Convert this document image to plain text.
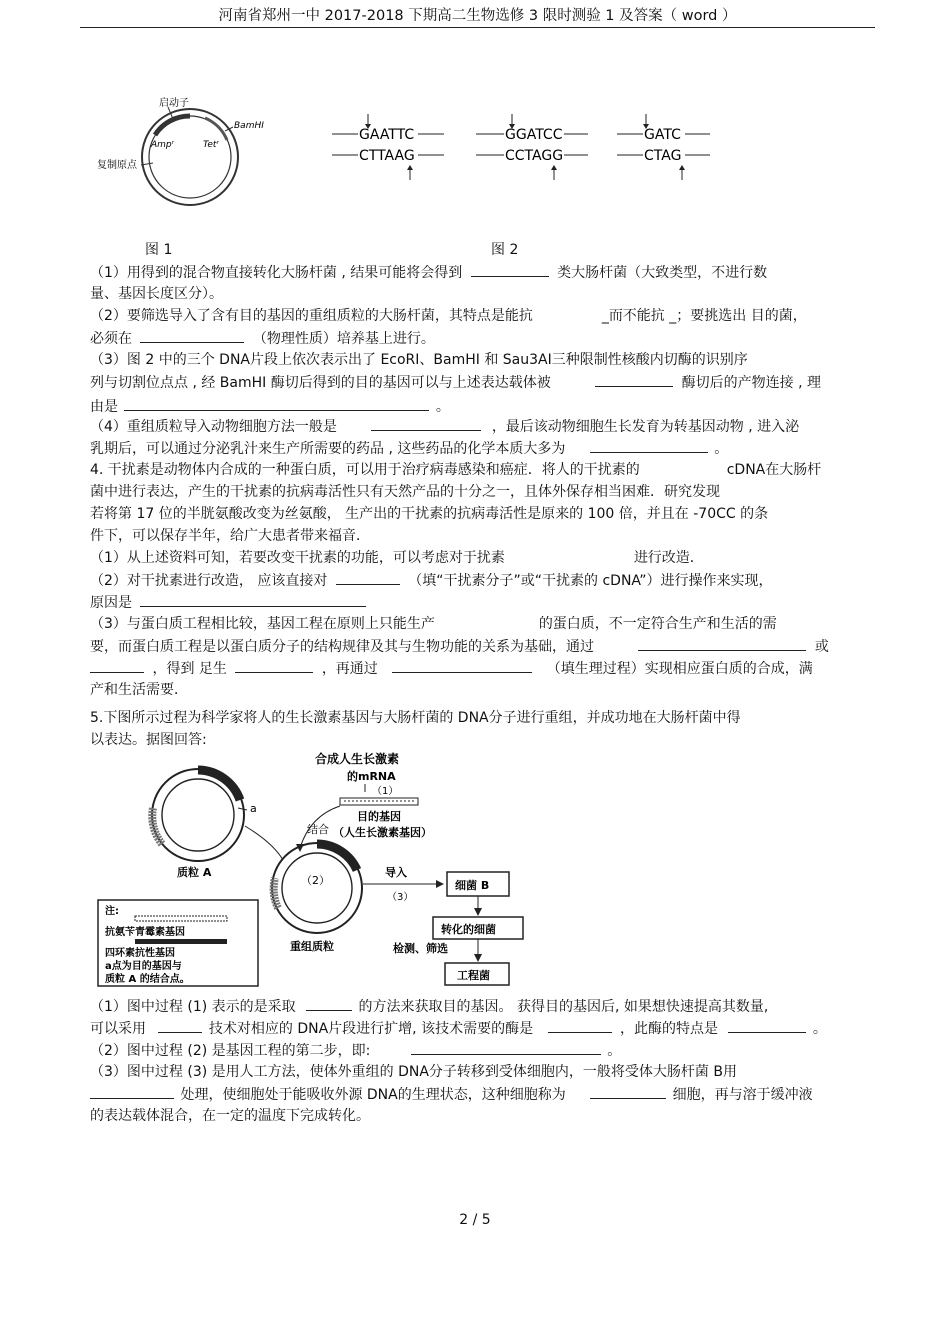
河南省郑州一中 2017-2018 下期高二生物选修 3 限时测验 1 及答案（ word ）
启动子
BamHI
Ampʳ	Tetʳ
复制原点
GAATTC
CTTAAG
GGATCC
CCTAGG
GATC
CTAG
图 1	图 2
（1）用得到的混合物直接转化大肠杆菌 , 结果可能将会得到	类大肠杆菌（大致类型，不进行数
量、基因长度区分）。
（2）要筛选导入了含有目的基因的重组质粒的大肠杆菌，其特点是能抗	_而不能抗 _；要挑选出 目的菌，
必须在	（物理性质）培养基上进行。
（3）图 2 中的三个 DNA片段上依次表示出了 EcoRⅠ、BamHⅠ 和 Sau3AⅠ三种限制性核酸内切酶的识别序
列与切割位点点 , 经 BamHⅠ 酶切后得到的目的基因可以与上述表达载体被	酶切后的产物连接 , 理
由是	。
（4）重组质粒导入动物细胞方法一般是	，最后该动物细胞生长发育为转基因动物 , 进入泌
乳期后，可以通过分泌乳汁来生产所需要的药品 , 这些药品的化学本质大多为	。
4. 干扰素是动物体内合成的一种蛋白质，可以用于治疗病毒感染和癌症．将人的干扰素的	cDNA在大肠杆
菌中进行表达，产生的干扰素的抗病毒活性只有天然产品的十分之一，且体外保存相当困难．研究发现
若将第 17 位的半胱氨酸改变为丝氨酸， 生产出的干扰素的抗病毒活性是原来的 100 倍，并且在 -70CC 的条
件下，可以保存半年，给广大患者带来福音．
（1）从上述资料可知，若要改变干扰素的功能，可以考虑对于扰素	进行改造．
（2）对干扰素进行改造， 应该直接对	（填“干扰素分子”或“干扰素的 cDNA”）进行操作来实现，
原因是
（3）与蛋白质工程相比较，基因工程在原则上只能生产	的蛋白质，不一定符合生产和生活的需
要，而蛋白质工程是以蛋白质分子的结构规律及其与生物功能的关系为基础，通过	或
，得到 足生	，再通过	（填生理过程）实现相应蛋白质的合成，满
产和生活需要．
5.下图所示过程为科学家将人的生长激素基因与大肠杆菌的 DNA分子进行重组，并成功地在大肠杆菌中得
以表达。据图回答:
合成人生长激素
的mRNA
（1）
目的基因
（人生长激素基因）
结合
a
质粒 A
（2）
重组质粒
导入
（3）
细菌 B
转化的细菌
检测、筛选
工程菌
注:
抗氨苄青霉素基因
四环素抗性基因
a点为目的基因与
质粒 A 的结合点。
（1）图中过程 (1) 表示的是采取	的方法来获取目的基因。 获得目的基因后, 如果想快速提高其数量,
可以采用	技术对相应的 DNA片段进行扩增, 该技术需要的酶是	，此酶的特点是	。
（2）图中过程 (2) 是基因工程的第二步，即:	。
（3）图中过程 (3) 是用人工方法，使体外重组的 DNA分子转移到受体细胞内，一般将受体大肠杆菌 B用
处理，使细胞处于能吸收外源 DNA的生理状态，这种细胞称为	细胞，再与溶于缓冲液
的表达载体混合，在一定的温度下完成转化。
2 / 5
